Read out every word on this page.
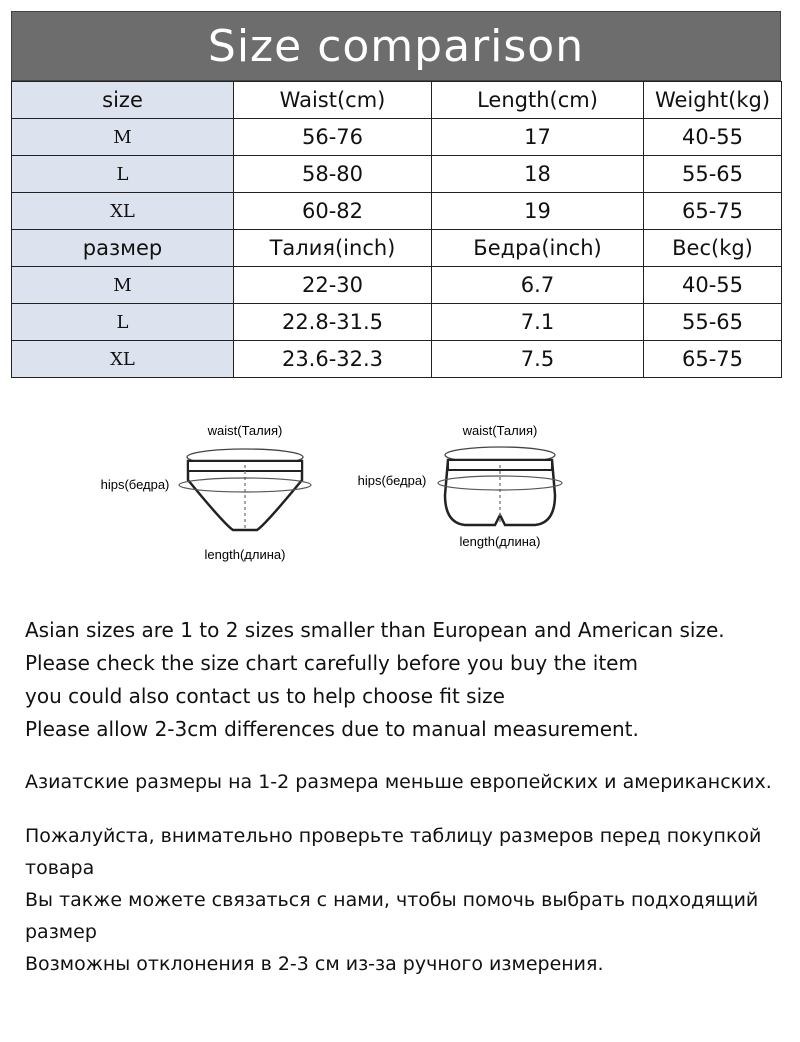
Size comparison
size	Waist(cm)	Length(cm)	Weight(kg)
M	56-76	17	40-55
L	58-80	18	55-65
XL	60-82	19	65-75
размер	Талия(inch)	Бедра(inch)	Вес(kg)
M	22-30	6.7	40-55
L	22.8-31.5	7.1	55-65
XL	23.6-32.3	7.5	65-75
waist(Талия)
hips(бедра)
length(длина)
waist(Талия)
hips(бедра)
length(длина)
Asian sizes are 1 to 2 sizes smaller than European and American size.
Please check the size chart carefully before you buy the item
you could also contact us to help choose fit size
Please allow 2-3cm differences due to manual measurement.
Азиатские размеры на 1-2 размера меньше европейских и американских.
Пожалуйста, внимательно проверьте таблицу размеров перед покупкой товара
Вы также можете связаться с нами, чтобы помочь выбрать подходящий размер
Возможны отклонения в 2-3 см из-за ручного измерения.
